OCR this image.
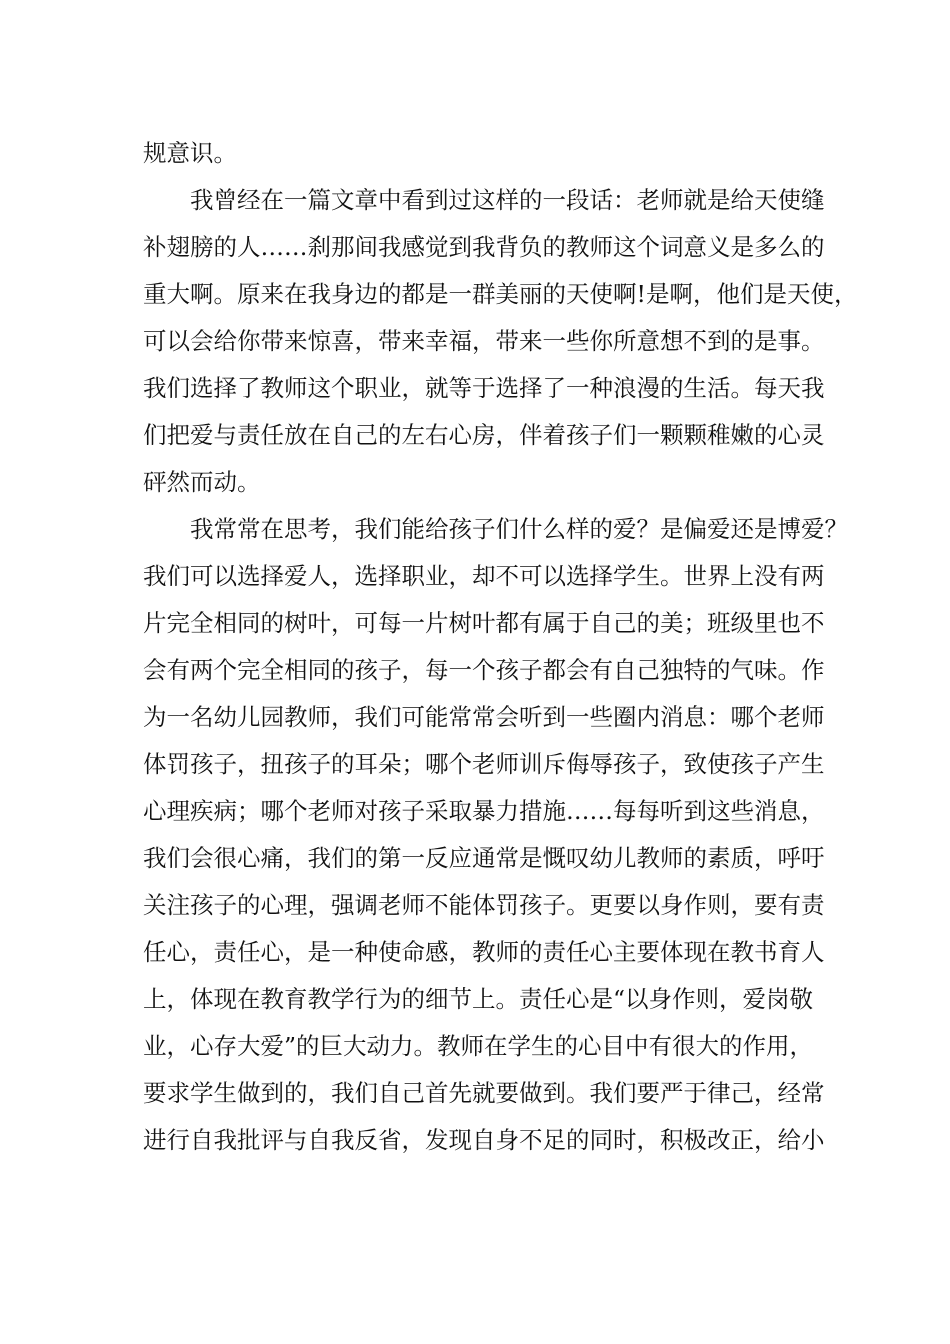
规意识。
我曾经在一篇文章中看到过这样的一段话：老师就是给天使缝
补翅膀的人……刹那间我感觉到我背负的教师这个词意义是多么的
重大啊。原来在我身边的都是一群美丽的天使啊!是啊，他们是天使，
可以会给你带来惊喜，带来幸福，带来一些你所意想不到的是事。
我们选择了教师这个职业，就等于选择了一种浪漫的生活。每天我
们把爱与责任放在自己的左右心房，伴着孩子们一颗颗稚嫩的心灵
砰然而动。
我常常在思考，我们能给孩子们什么样的爱？是偏爱还是博爱？
我们可以选择爱人，选择职业，却不可以选择学生。世界上没有两
片完全相同的树叶，可每一片树叶都有属于自己的美；班级里也不
会有两个完全相同的孩子，每一个孩子都会有自己独特的气味。作
为一名幼儿园教师，我们可能常常会听到一些圈内消息：哪个老师
体罚孩子，扭孩子的耳朵；哪个老师训斥侮辱孩子，致使孩子产生
心理疾病；哪个老师对孩子采取暴力措施……每每听到这些消息，
我们会很心痛，我们的第一反应通常是慨叹幼儿教师的素质，呼吁
关注孩子的心理，强调老师不能体罚孩子。更要以身作则，要有责
任心，责任心，是一种使命感，教师的责任心主要体现在教书育人
上，体现在教育教学行为的细节上。责任心是“以身作则，爱岗敬
业，心存大爱”的巨大动力。教师在学生的心目中有很大的作用，
要求学生做到的，我们自己首先就要做到。我们要严于律己，经常
进行自我批评与自我反省，发现自身不足的同时，积极改正，给小
